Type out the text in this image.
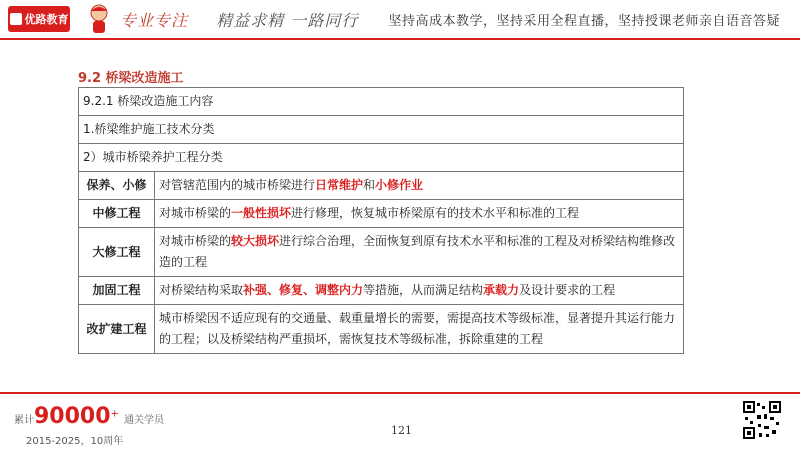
优路教育	专业专注 精益求精 一路同行 坚持高成本教学，坚持采用全程直播，坚持授课老师亲自语音答疑
9.2 桥梁改造施工
9.2.1 桥梁改造施工内容	
1.桥梁维护施工技术分类	
2）城市桥梁养护工程分类	
保养、小修	对管辖范围内的城市桥梁进行日常维护和小修作业
中修工程	对城市桥梁的一般性损坏进行修理，恢复城市桥梁原有的技术水平和标准的工程
大修工程	对城市桥梁的较大损坏进行综合治理，全面恢复到原有技术水平和标准的工程及对桥梁结构维修改造的工程
加固工程	对桥梁结构采取补强、修复、调整内力等措施，从而满足结构承载力及设计要求的工程
改扩建工程	城市桥梁因不适应现有的交通量、载重量增长的需要，需提高技术等级标准，显著提升其运行能力的工程；以及桥梁结构严重损坏，需恢复技术等级标准，拆除重建的工程
累计90000+ 通关学员
2015-2025，10周年
121
